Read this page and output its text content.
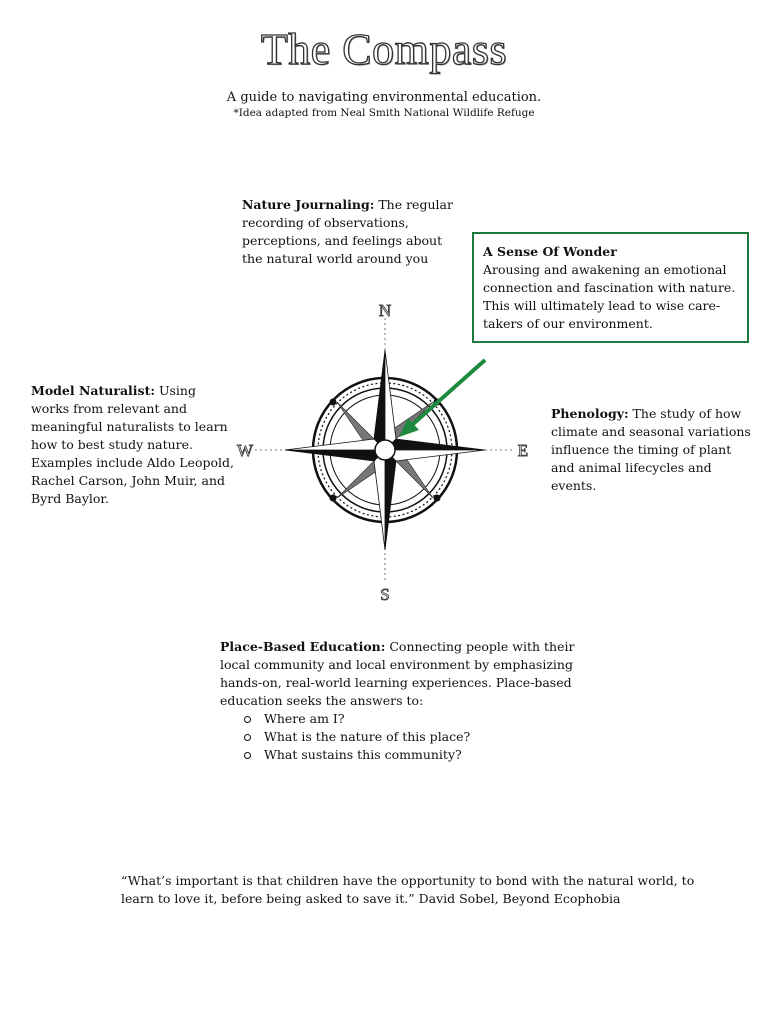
The Compass
A guide to navigating environmental education.
*Idea adapted from Neal Smith National Wildlife Refuge
Nature Journaling: The regular recording of observations, perceptions, and feelings about the natural world around you	A Sense Of Wonder
Arousing and awakening an emotional connection and fascination with nature. This will ultimately lead to wise care-takers of our environment.
Model Naturalist: Using works from relevant and meaningful naturalists to learn how to best study nature. Examples include Aldo Leopold, Rachel Carson, John Muir, and Byrd Baylor.
Phenology: The study of how climate and seasonal variations influence the timing of plant and animal lifecycles and events.
N
S
W	E
Place-Based Education: Connecting people with their local community and local environment by emphasizing hands-on, real-world learning experiences. Place-based education seeks the answers to:
Where am I?
What is the nature of this place?
What sustains this community?
“What’s important is that children have the opportunity to bond with the natural world, to learn to love it, before being asked to save it.” David Sobel, Beyond Ecophobia
